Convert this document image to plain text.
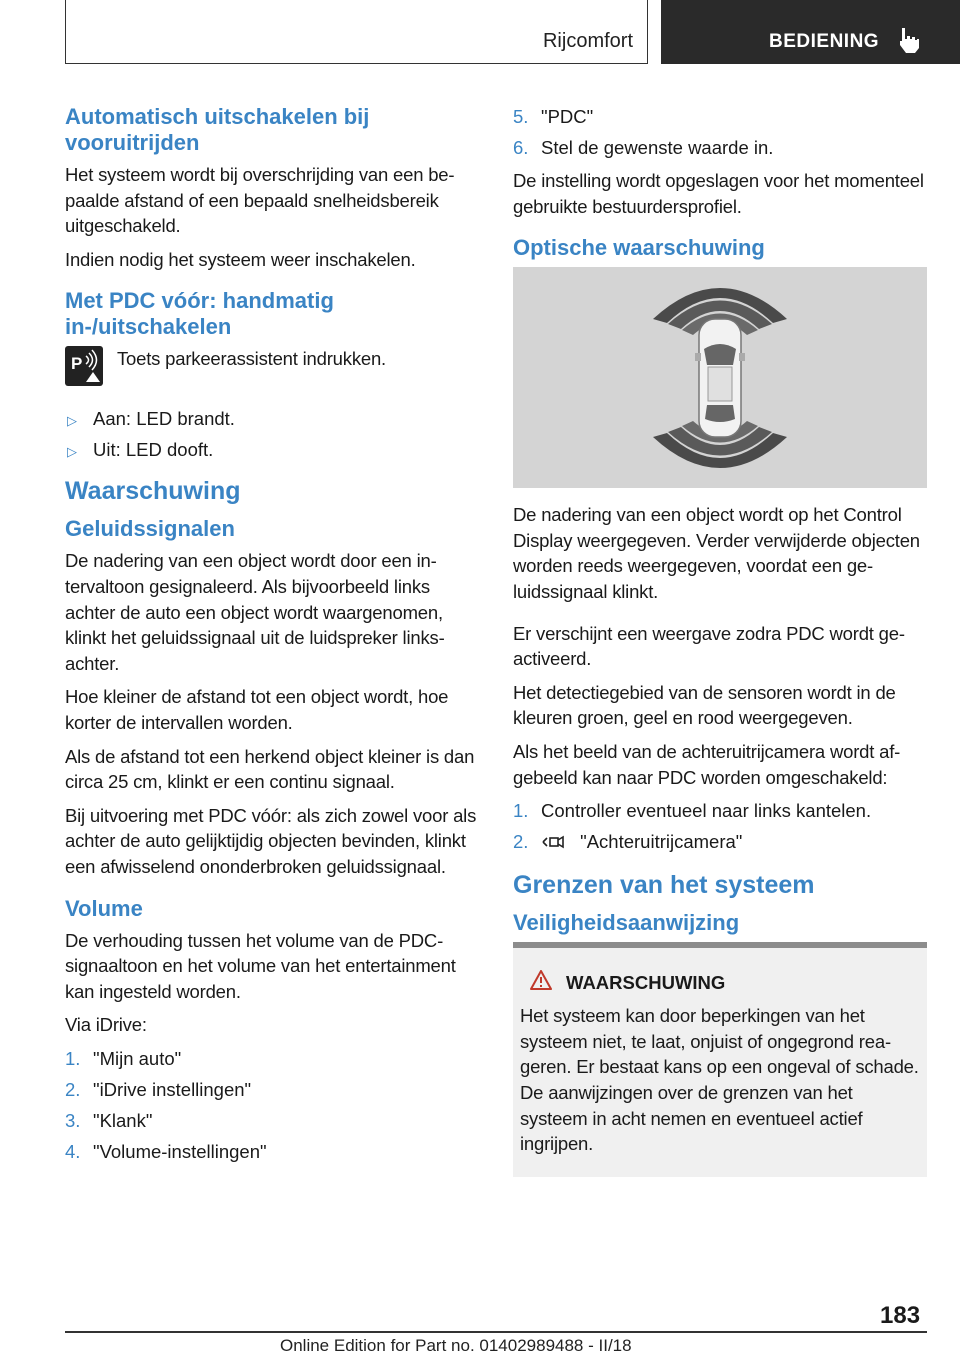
Rijcomfort	BEDIENING
Automatisch uitschakelen bij vooruitrijden

Het systeem wordt bij overschrijding van een bepaalde afstand of een bepaald snelheidsbereik uitgeschakeld.

Indien nodig het systeem weer inschakelen.

Met PDC vóór: handmatig in-/uitschakelen
P Toets parkeerassistent indrukken.

▷ Aan: LED brandt.
▷ Uit: LED dooft.
Waarschuwing
Geluidssignalen

De nadering van een object wordt door een intervaltoon gesignaleerd. Als bijvoorbeeld links achter de auto een object wordt waargenomen, klinkt het geluidssignaal uit de luidspreker linksachter.

Hoe kleiner de afstand tot een object wordt, hoe korter de intervallen worden.

Als de afstand tot een herkend object kleiner is dan circa 25 cm, klinkt er een continu signaal.

Bij uitvoering met PDC vóór: als zich zowel voor als achter de auto gelijktijdig objecten bevinden, klinkt een afwisselend ononderbroken geluidssignaal.

Volume

De verhouding tussen het volume van de PDC-signaaltoon en het volume van het entertainment kan ingesteld worden.

Via iDrive:

1. "Mijn auto"
2. "iDrive instellingen"
3. "Klank"
4. "Volume-instellingen"
5. "PDC"
6. Stel de gewenste waarde in.

De instelling wordt opgeslagen voor het momenteel gebruikte bestuurdersprofiel.

Optische waarschuwing

De nadering van een object wordt op het Control Display weergegeven. Verder verwijderde objecten worden reeds weergegeven, voordat een geluidssignaal klinkt.

Er verschijnt een weergave zodra PDC wordt geactiveerd.

Het detectiegebied van de sensoren wordt in de kleuren groen, geel en rood weergegeven.

Als het beeld van de achteruitrijcamera wordt afgebeeld kan naar PDC worden omgeschakeld:

1. Controller eventueel naar links kantelen.
2.	"Achteruitrijcamera"
Grenzen van het systeem
Veiligheidsaanwijzing
WAARSCHUWING

Het systeem kan door beperkingen van het systeem niet, te laat, onjuist of ongegrond reageren. Er bestaat kans op een ongeval of schade. De aanwijzingen over de grenzen van het systeem in acht nemen en eventueel actief ingrijpen.

183
Online Edition for Part no. 01402989488 - II/18
